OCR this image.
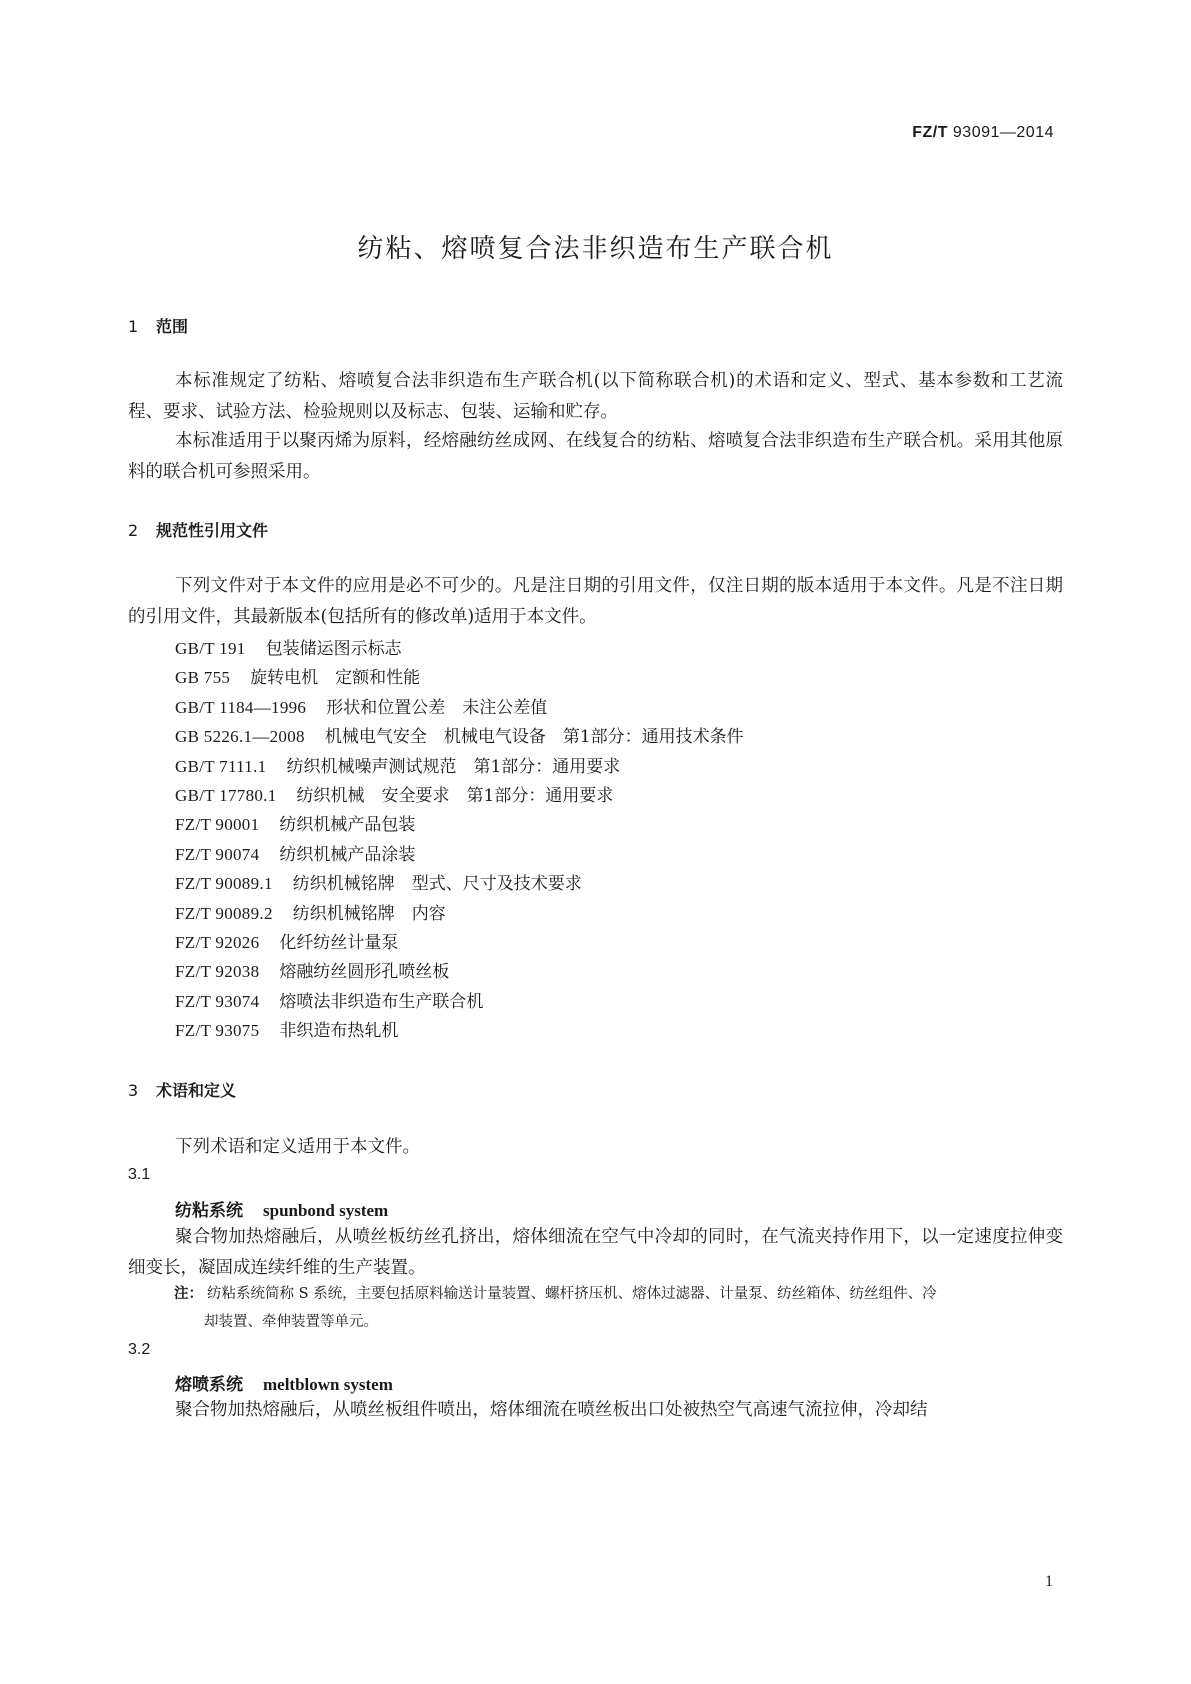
FZ/T 93091—2014
纺粘、熔喷复合法非织造布生产联合机
1 范围
本标准规定了纺粘、熔喷复合法非织造布生产联合机(以下简称联合机)的术语和定义、型式、基本参数和工艺流程、要求、试验方法、检验规则以及标志、包装、运输和贮存。
本标准适用于以聚丙烯为原料，经熔融纺丝成网、在线复合的纺粘、熔喷复合法非织造布生产联合机。采用其他原料的联合机可参照采用。
2 规范性引用文件
下列文件对于本文件的应用是必不可少的。凡是注日期的引用文件，仅注日期的版本适用于本文件。凡是不注日期的引用文件，其最新版本(包括所有的修改单)适用于本文件。
GB/T 191 包装储运图示标志
GB 755 旋转电机　定额和性能
GB/T 1184—1996 形状和位置公差　未注公差值
GB 5226.1—2008 机械电气安全　机械电气设备　第1部分：通用技术条件
GB/T 7111.1 纺织机械噪声测试规范　第1部分：通用要求
GB/T 17780.1 纺织机械　安全要求　第1部分：通用要求
FZ/T 90001 纺织机械产品包装
FZ/T 90074 纺织机械产品涂装
FZ/T 90089.1 纺织机械铭牌　型式、尺寸及技术要求
FZ/T 90089.2 纺织机械铭牌　内容
FZ/T 92026 化纤纺丝计量泵
FZ/T 92038 熔融纺丝圆形孔喷丝板
FZ/T 93074 熔喷法非织造布生产联合机
FZ/T 93075 非织造布热轧机
3 术语和定义
下列术语和定义适用于本文件。
3.1
纺粘系统 spunbond system
聚合物加热熔融后，从喷丝板纺丝孔挤出，熔体细流在空气中冷却的同时，在气流夹持作用下，以一定速度拉伸变细变长，凝固成连续纤维的生产装置。
注： 纺粘系统简称 S 系统，主要包括原料输送计量装置、螺杆挤压机、熔体过滤器、计量泵、纺丝箱体、纺丝组件、冷
却装置、牵伸装置等单元。
3.2
熔喷系统 meltblown system
聚合物加热熔融后，从喷丝板组件喷出，熔体细流在喷丝板出口处被热空气高速气流拉伸，冷却结
1
